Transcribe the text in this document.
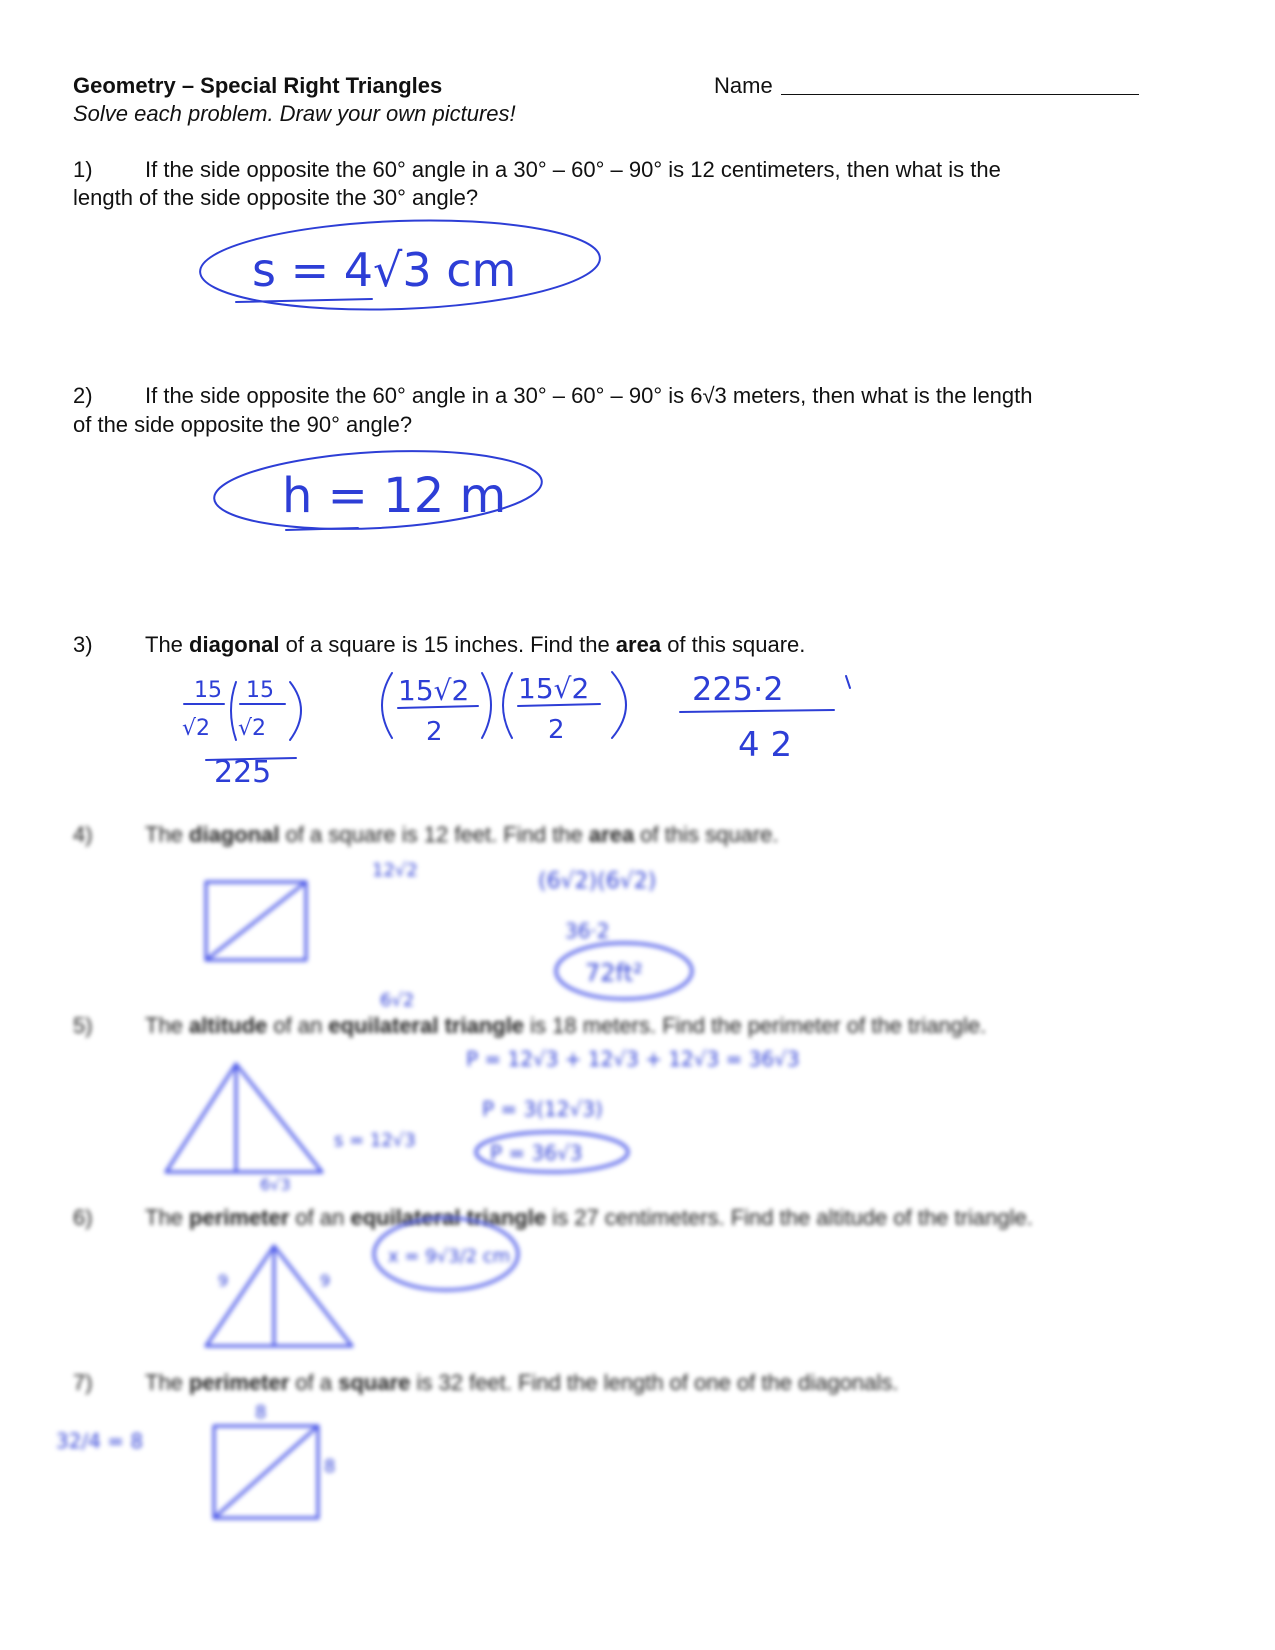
Geometry – Special Right Triangles
Solve each problem. Draw your own pictures!
Name
1) If the side opposite the 60° angle in a 30° – 60° – 90° is 12 centimeters, then what is the
length of the side opposite the 30° angle?
2) If the side opposite the 60° angle in a 30° – 60° – 90° is 6√3 meters, then what is the length
of the side opposite the 90° angle?
3) The diagonal of a square is 15 inches. Find the area of this square.
4) The diagonal of a square is 12 feet. Find the area of this square.
5) The altitude of an equilateral triangle is 18 meters. Find the perimeter of the triangle.
6) The perimeter of an equilateral triangle is 27 centimeters. Find the altitude of the triangle.
7) The perimeter of a square is 32 feet. Find the length of one of the diagonals.
s = 4√3 cm
h = 12 m
15
√2
15
√2
225
15√2
2
15√2
2
225·2
4 2
12√2	(6√2)(6√2)
36·2
72ft²
6√2
P = 12√3 + 12√3 + 12√3 = 36√3
P = 3(12√3)
P = 36√3
6√3
s = 12√3
x = 9√3/2 cm
9	9
32/4 = 8
8
8
